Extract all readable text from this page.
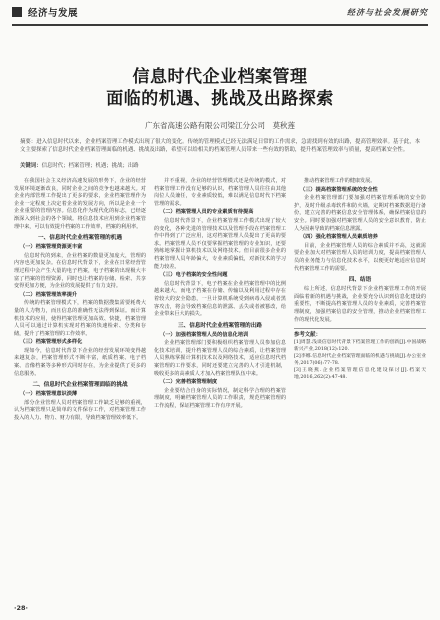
经济与发展	经济与社会发展研究
信息时代企业档案管理
面临的机遇、挑战及出路探索
广东省高速公路有限公司梁江分公司　莫秋莲
摘要：进入信息时代以来，企业档案管理工作模式出现了很大的变化。传统的管理模式已经无法满足日常的工作需求，急需找到有效的出路，提高管理效率。基于此，本文主要探索了信息时代企业档案管理面临的机遇、挑战及出路，希望可以给相关的档案管理人员带来一些有效的帮助，提升档案管理效率与质量，提高档案安全性。
关键词：信息时代；档案管理；机遇；挑战；出路

在我国社会主义经济高速发展的形势下，企业的经营发展环境逐渐改良，同时企业之间的竞争也越来越大。对企业内部管理工作提出了更多的要求，企业档案管理作为企业一定程度上决定着企业的发展方向，所以是企业一个企业重要的管理内容。信息化作为现代化的标志，已经逐渐深入到社会的各个领域。将信息技术应用到企业档案管理中来，可以有效提升档案的工作效率，档案的利用率。

一、信息时代企业档案管理的机遇
（一）档案管理资源更丰富

信息时代的到来，企业档案的数量更加庞大，管理的内容也更加复杂。在信息时代背景下，企业在日常经营管理过程中会产生大量的电子档案，电子档案的出现极大丰富了档案的管理资源，同时也让档案的存储、检索、共享变得更加方便，为企业的发展提供了有力支持。

（二）档案管理效率提升

传统的档案管理模式下，档案的数据搜集需要耗费大量的人力物力，而且信息的准确性无法得到保证。而计算机技术的应用，使得档案管理更加高效、快捷，档案管理人员可以通过计算机实现对档案的快速检索、分类和存储，提升了档案管理的工作效率。

（三）档案管理形式多样化

现如今，信息时代背景下企业的经营发展环境变得越来越复杂，档案管理形式不断丰富，纸质档案、电子档案、音像档案等多种形式同时存在，为企业提供了更多的信息服务。

二、信息时代企业档案管理面临的挑战
（一）档案管理意识淡薄

部分企业管理人员对档案管理工作缺乏足够的重视，认为档案管理只是简单的文件保存工作，对档案管理工作投入的人力、物力、财力有限，导致档案管理效率低下。

并不重视，企业的经营管理模式还是传统的模式，对档案管理工作没有足够的认识，档案管理人员往往由其他岗位人员兼任，专业素质较低，难以满足信息时代下档案管理的需求。

（二）档案管理人员的专业素质有待提高

信息时代背景下，企业档案管理工作模式出现了较大的变化，各种先进的管理技术以及管理手段在档案管理工作中得到了广泛应用，这对档案管理人员提出了更高的要求。档案管理人员不仅要掌握档案管理的专业知识，还要熟练地掌握计算机技术以及网络技术。但目前很多企业的档案管理人员年龄偏大，专业素质偏低，对新技术的学习能力较差。

（三）电子档案的安全性问题

信息时代背景下，电子档案在企业档案管理中的比例越来越大，而电子档案在存储、传输以及利用过程中存在着较大的安全隐患，一旦计算机系统受到病毒入侵或者黑客攻击，将会导致档案信息的泄露、丢失或者被篡改，给企业带来巨大的损失。

三、信息时代企业档案管理的出路
（一）加强档案管理人员的信息化培训

企业档案管理部门要积极组织档案管理人员参加信息化技术培训，提升档案管理人员的综合素质，让档案管理人员熟练掌握计算机技术以及网络技术，适应信息时代档案管理的工作要求，同时还要建立完善的人才引进机制，吸收更多的高素质人才加入档案管理队伍中来。

（二）完善档案管理制度

企业要结合自身的实际情况，制定科学合理的档案管理制度，明确档案管理人员的工作职责，规范档案管理的工作流程，保证档案管理工作有序开展。

推动档案管理工作的健康发展。

（三）提高档案管理系统的安全性

企业档案管理部门要加强对档案管理系统的安全防护，及时升级杀毒软件和防火墙，定期对档案数据进行备份，建立完善的档案信息安全管理体系，确保档案信息的安全。同时要加强对档案管理人员的安全意识教育，防止人为因素导致的档案信息泄露。

（四）强化档案管理人员素质培养

目前，企业档案管理人员的综合素质并不高，这就需要企业加大对档案管理人员的培训力度，提高档案管理人员的业务能力与信息化技术水平，以便更好地适应信息时代档案管理工作的需要。

四、结语

综上所述，信息时代背景下企业档案管理工作的开展面临着新的机遇与挑战，企业要充分认识到信息化建设的重要性，不断提高档案管理人员的专业素质，完善档案管理制度，加强档案信息的安全管理，推动企业档案管理工作的现代化发展。

参考文献：
[1]周慧.浅谈信息时代背景下档案管理工作的创新[J].中国战略新兴产业,2018(12):120.
[2]李娜.信息时代企业档案管理面临的机遇与挑战[J].办公室业务,2017(06):77-78.
[3]王晓燕.企业档案管理信息化建设探讨[J].档案天地,2016,262(2):47-48.
·28·
